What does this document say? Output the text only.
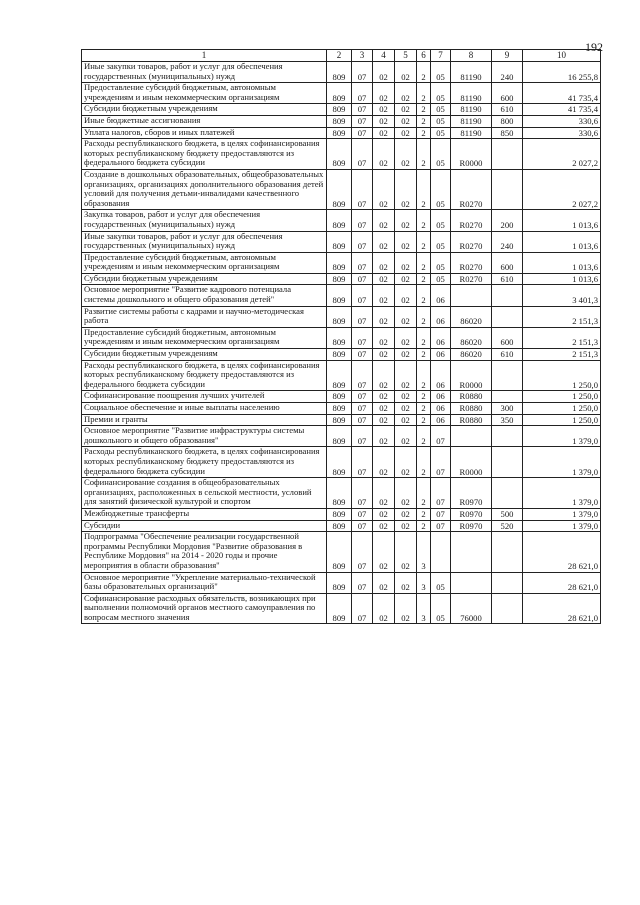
192
1	2	3	4	5	6	7	8	9	10
Иные закупки товаров, работ и услуг для обеспечения государственных (муниципальных) нужд	809	07	02	02	2	05	81190	240	16 255,8
Предоставление субсидий бюджетным, автономным учреждениям и иным некоммерческим организациям	809	07	02	02	2	05	81190	600	41 735,4
Субсидии бюджетным учреждениям	809	07	02	02	2	05	81190	610	41 735,4
Иные бюджетные ассигнования	809	07	02	02	2	05	81190	800	330,6
Уплата налогов, сборов и иных платежей	809	07	02	02	2	05	81190	850	330,6
Расходы республиканского бюджета, в целях софинансирования которых республиканскому бюджету предоставляются из федерального бюджета субсидии	809	07	02	02	2	05	R0000		2 027,2
Создание в дошкольных образовательных, общеобразовательных организациях, организациях дополнительного образования детей условий для получения детьми-инвалидами качественного образования	809	07	02	02	2	05	R0270		2 027,2
Закупка товаров, работ и услуг для обеспечения государственных (муниципальных) нужд	809	07	02	02	2	05	R0270	200	1 013,6
Иные закупки товаров, работ и услуг для обеспечения государственных (муниципальных) нужд	809	07	02	02	2	05	R0270	240	1 013,6
Предоставление субсидий бюджетным, автономным учреждениям и иным некоммерческим организациям	809	07	02	02	2	05	R0270	600	1 013,6
Субсидии бюджетным учреждениям	809	07	02	02	2	05	R0270	610	1 013,6
Основное мероприятие "Развитие кадрового потенциала системы дошкольного и общего образования детей"	809	07	02	02	2	06			3 401,3
Развитие системы работы с кадрами и научно-методическая работа	809	07	02	02	2	06	86020		2 151,3
Предоставление субсидий бюджетным, автономным учреждениям и иным некоммерческим организациям	809	07	02	02	2	06	86020	600	2 151,3
Субсидии бюджетным учреждениям	809	07	02	02	2	06	86020	610	2 151,3
Расходы республиканского бюджета, в целях софинансирования которых республиканскому бюджету предоставляются из федерального бюджета субсидии	809	07	02	02	2	06	R0000		1 250,0
Софинансирование поощрения лучших учителей	809	07	02	02	2	06	R0880		1 250,0
Социальное обеспечение и иные выплаты населению	809	07	02	02	2	06	R0880	300	1 250,0
Премии и гранты	809	07	02	02	2	06	R0880	350	1 250,0
Основное мероприятие "Развитие инфраструктуры системы дошкольного и общего образования"	809	07	02	02	2	07			1 379,0
Расходы республиканского бюджета, в целях софинансирования которых республиканскому бюджету предоставляются из федерального бюджета субсидии	809	07	02	02	2	07	R0000		1 379,0
Софинансирование создания в общеобразовательных организациях, расположенных в сельской местности, условий для занятий физической культурой и спортом	809	07	02	02	2	07	R0970		1 379,0
Межбюджетные трансферты	809	07	02	02	2	07	R0970	500	1 379,0
Субсидии	809	07	02	02	2	07	R0970	520	1 379,0
Подпрограмма "Обеспечение реализации государственной программы Республики Мордовия "Развитие образования в Республике Мордовия" на 2014 - 2020 годы и прочие мероприятия в области образования"	809	07	02	02	3				28 621,0
Основное мероприятие "Укрепление материально-технической базы образовательных организаций"	809	07	02	02	3	05			28 621,0
Софинансирование расходных обязательств, возникающих при выполнении полномочий органов местного самоуправления по вопросам местного значения	809	07	02	02	3	05	76000		28 621,0
